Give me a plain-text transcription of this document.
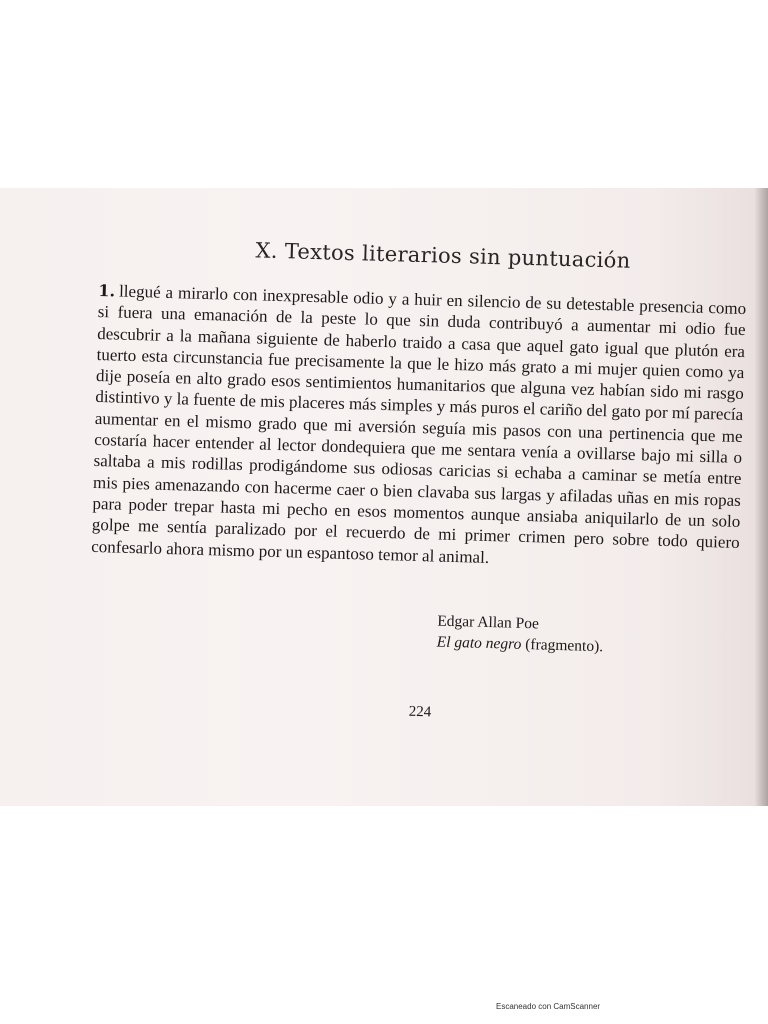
X. Textos literarios sin puntuación

1. llegué a mirarlo con inexpresable odio y a huir en silencio de su detestable presencia como si fuera una emanación de la peste lo que sin duda contribuyó a aumentar mi odio fue descubrir a la mañana siguiente de haberlo traido a casa que aquel gato igual que plutón era tuerto esta circunstancia fue precisamente la que le hizo más grato a mi mujer quien como ya dije poseía en alto grado esos sentimientos humanitarios que alguna vez habían sido mi rasgo distintivo y la fuente de mis placeres más simples y más puros el cariño del gato por mí parecía aumentar en el mismo grado que mi aversión seguía mis pasos con una pertinencia que me costaría hacer entender al lector dondequiera que me sentara venía a ovillarse bajo mi silla o saltaba a mis rodillas prodigándome sus odiosas caricias si echaba a caminar se metía entre mis pies amenazando con hacerme caer o bien clavaba sus largas y afiladas uñas en mis ropas para poder trepar hasta mi pecho en esos momentos aunque ansiaba aniquilarlo de un solo golpe me sentía paralizado por el recuerdo de mi primer crimen pero sobre todo quiero confesarlo ahora mismo por un espantoso temor al animal.

Edgar Allan Poe
El gato negro (fragmento).
224
Escaneado con CamScanner
